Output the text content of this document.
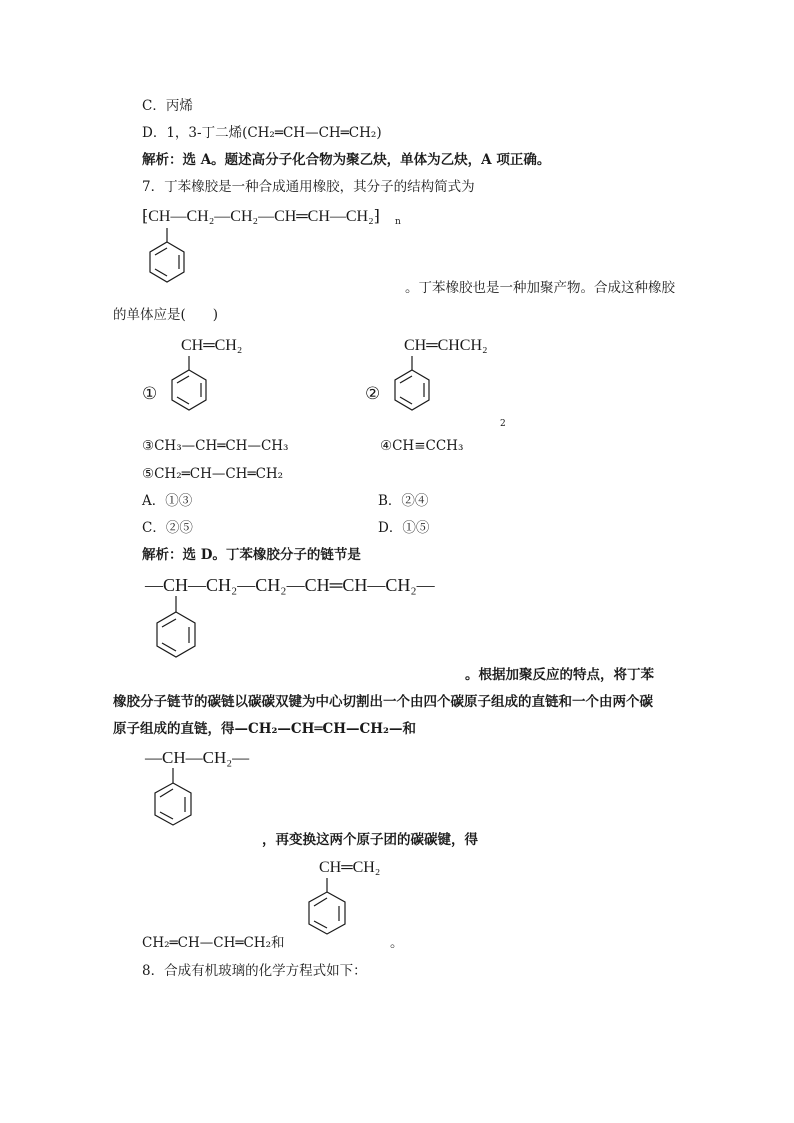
C．丙烯
D．1，3-丁二烯(CH₂═CH—CH═CH₂)
解析：选 A。题述高分子化合物为聚乙炔，单体为乙炔，A 项正确。
7．丁苯橡胶是一种合成通用橡胶，其分子的结构简式为
⁅CH—CH₂—CH₂—CH═CH—CH₂⁆ n
。丁苯橡胶也是一种加聚产物。合成这种橡胶
的单体应是(　　)
CH═CH₂
①
CH═CHCH₂
②
2
③CH₃—CH═CH—CH₃	④CH≡CCH₃
⑤CH₂═CH—CH═CH₂
A．①③	B．②④
C．②⑤	D．①⑤
解析：选 D。丁苯橡胶分子的链节是
—CH—CH₂—CH₂—CH═CH—CH₂—
。根据加聚反应的特点，将丁苯
橡胶分子链节的碳链以碳碳双键为中心切割出一个由四个碳原子组成的直链和一个由两个碳
原子组成的直链，得—CH₂—CH═CH—CH₂—和
—CH—CH₂—
，再变换这两个原子团的碳碳键，得
CH═CH₂
CH₂═CH—CH═CH₂和	。
8．合成有机玻璃的化学方程式如下：
